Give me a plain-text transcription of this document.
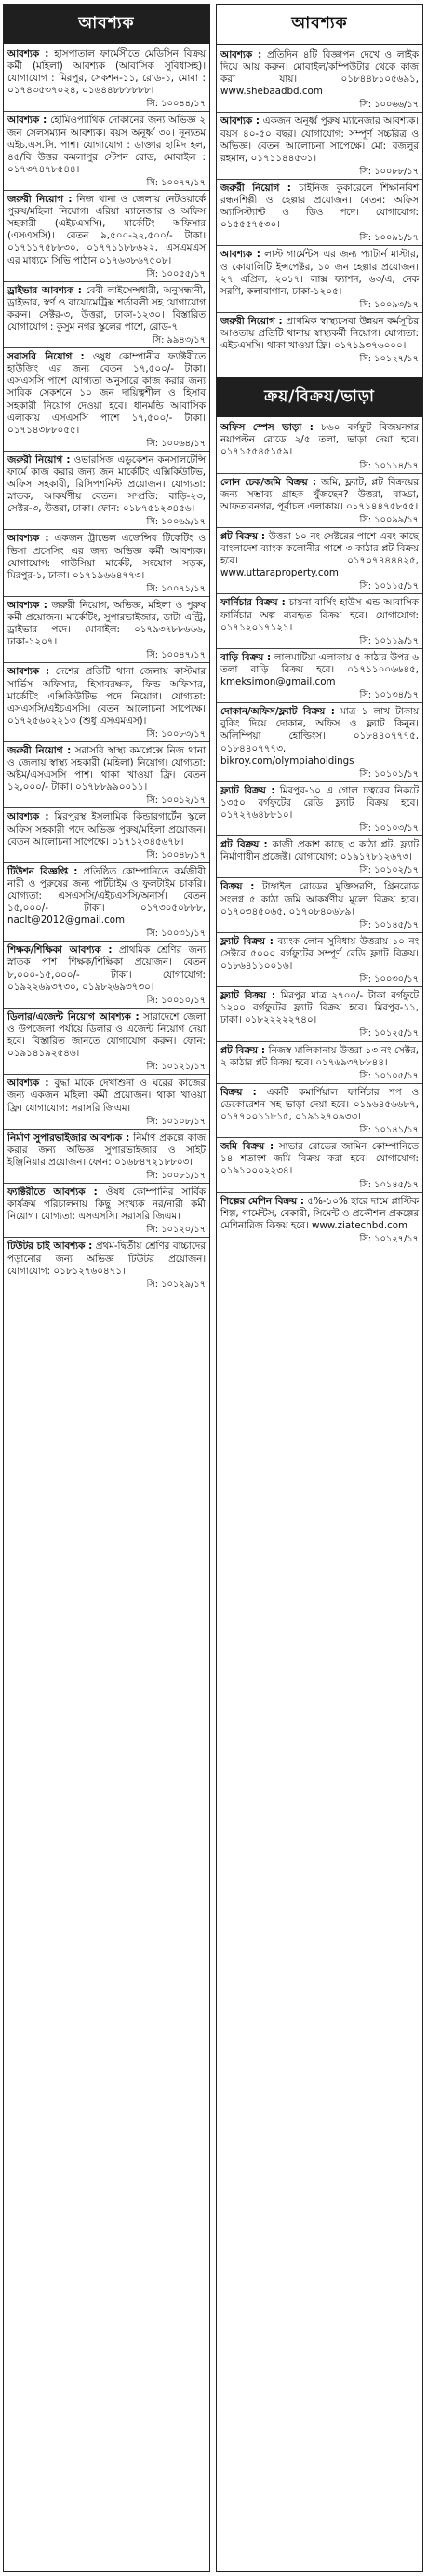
আবশ্যক
আবশ্যক : হাসপাতাল ফার্মেসীতে মেডিসিন বিক্রয় কর্মী (মহিলা) আবশ্যক (আবাসিক সুবিধাসহ)। যোগাযোগ : মিরপুর, সেকশন-১১, রোড-১, মোবা : ০১৭৪৩৫৩৭০২৪, ০১৬৪৪৮৮৮৮৮৮।
সি: ১০০৪৪/১৭
আবশ্যক : হোমিওপ্যাথিক দোকানের জন্য অভিজ্ঞ ২ জন সেলসম্যান আবশ্যক। বয়স অনূর্ধ্ব ৩০। নূন্যতম এইচ.এস.সি. পাশ। যোগাযোগ : ডাক্তার হামিদ হল, ৪৫/বি উত্তর কমলাপুর স্টেশন রোড, মোবাইল : ০১৭৩৭৪৭৮৫৪৪।
সি: ১০০৭৭/১৭
জরুরী নিয়োগ : নিজ থানা ও জেলায় নেটওয়ার্কে পুরুষ/মহিলা নিয়োগ। এরিয়া ম্যানেজার ও অফিস সহকারী (এইচএসসি), মার্কেটিং অফিসার (এসএসসি)। বেতন ৯,৫০০-২২,৫০০/- টাকা। ০১৭১১৭৫৮৮৩০, ০১৭৭১১৮৮৬২২, এসএমএস এর মাধ্যমে সিভি পাঠান ০১৭৬৩৮৬৭৫০৮।
সি: ১০০৫৫/১৭
ড্রাইভার আবশ্যক : বেবী লাইসেন্সধারী, অনুসন্ধানী, ড্রাইভার, স্বর্ণ ও বায়োমেট্রিক্স শর্তাবলী সহ যোগাযোগ করুন। সেক্টর-৩, উত্তরা, ঢাকা-১২৩০। বিস্তারিত যোগাযোগ : কুসুম নগর স্কুলের পাশে, রোড-৭।
সি: ৯৯৪৩/১৭
সরাসরি নিয়োগ : ওষুধ কোম্পানীর ফ্যাক্টরীতে হাউজিং এর জন্য বেতন ১৭,৫০০/- টাকা। এসএসসি পাশে যোগ্যতা অনুসারে কাজ করার জন্য সাবিক সেকশনে ১০ জন দায়িত্বশীল ও হিসাব সহকারী নিয়োগ দেওয়া হবে। ধানমন্ডি আবাসিক এলাকায় এসএসসি পাশে ১৭,৫০০/- টাকা। ০১৭১৪৩৮৮০৫৫।
সি: ১০০৬৪/১৭
জরুরী নিয়োগ : ওভারসিজ এডুকেশন কনসালটেন্সি ফার্মে কাজ করার জন্য জন মার্কেটিং এক্সিকিউটিভ, অফিস সহকারী, রিসিপশনিস্ট প্রয়োজন। যোগ্যতা: স্নাতক, আকর্ষণীয় বেতন। সম্প্রতি: বাড়ি-২৩, সেক্টর-৩, উত্তরা, ঢাকা। ফোন: ০১৮৭৫১২৩৪৫৬।
সি: ১০০৬৯/১৭
আবশ্যক : একজন ট্রাভেল এজেন্সির টিকেটিং ও ভিসা প্রসেসিং এর জন্য অভিজ্ঞ কর্মী আবশ্যক। যোগাযোগ: গাউসিয়া মার্কেট, সংযোগ সড়ক, মিরপুর-১, ঢাকা। ০১৭১৯৬৬৪৭৭৩।
সি: ১০০৭১/১৭
আবশ্যক : জরুরী নিয়োগ, অভিজ্ঞ, মহিলা ও পুরুষ কর্মী প্রয়োজন। মার্কেটিং, সুপারভাইজার, ডাটা এন্ট্রি, ড্রাইভার পদে। মোবাইল: ০১৭৯৩৭৮৮৬৬৬, ঢাকা-১২০৭।
সি: ১০০৪৭/১৭
আবশ্যক : দেশের প্রতিটি থানা জেলায় কাস্টমার সার্ভিস অফিসার, হিসাবরক্ষক, ফিল্ড অফিসার, মার্কেটিং এক্সিকিউটিভ পদে নিয়োগ। যোগ্যতা: এসএসসি/এইচএসসি। বেতন আলোচনা সাপেক্ষে। ০১৭২৫৬০২২১৩ (শুধু এসএমএস)।
সি: ১০০৮৩/১৭
জরুরী নিয়োগ : সরাসরি স্বাস্থ্য কমপ্লেক্সে নিজ থানা ও জেলায় স্বাস্থ্য সহকারী (মহিলা) নিয়োগ। যোগ্যতা: অষ্টম/এসএসসি পাশ। থাকা খাওয়া ফ্রি। বেতন ১২,০০০/- টাকা। ০১৭৮৮৯৯০০১১।
সি: ১০০১২/১৭
আবশ্যক : মিরপুরস্থ ইসলামিক কিন্ডারগার্টেন স্কুলে অফিস সহকারী পদে অভিজ্ঞ পুরুষ/মহিলা প্রয়োজন। বেতন আলোচনা সাপেক্ষে। ০১৭১২৩৪৫৬৭৮।
সি: ১০০৪৮/১৭
টিউশন বিজ্ঞপ্তি : প্রতিষ্ঠিত কোম্পানিতে কর্মজীবী নারী ও পুরুষের জন্য পার্টটাইম ও ফুলটাইম চাকরি। যোগ্যতা: এসএসসি/এইচএসসি/অনার্স। বেতন ১৫,০০০/- টাকা। ০১৭৩০৫০৮৮৮, naclt@2012@gmail.com
সি: ১০০৩১/১৭
শিক্ষক/শিক্ষিকা আবশ্যক : প্রাথমিক শ্রেণির জন্য স্নাতক পাশ শিক্ষক/শিক্ষিকা প্রয়োজন। বেতন ৮,০০০-১৫,০০০/- টাকা। যোগাযোগ: ০১৯২২৬৯৩৭৩০, ০১৯৮২৬৯৩৭৩০।
সি: ১০০১০/১৭
ডিলার/এজেন্ট নিয়োগ আবশ্যক : সারাদেশে জেলা ও উপজেলা পর্যায়ে ডিলার ও এজেন্ট নিয়োগ দেয়া হবে। বিস্তারিত জানতে যোগাযোগ করুন। ফোন: ০১৯১৪১৯২৫৪৬।
সি: ১০১২১/১৭
আবশ্যক : বুদ্ধা মাকে দেখাশুনা ও ঘরের কাজের জন্য একজন মহিলা কর্মী প্রয়োজন। থাকা খাওয়া ফ্রি। যোগাযোগ: সরাসরি জিএম।
সি: ১০১০৮/১৭
নির্মাণ সুপারভাইজার আবশ্যক : নির্মাণ প্রকল্পে কাজ করার জন্য অভিজ্ঞ সুপারভাইজার ও সাইট ইঞ্জিনিয়ার প্রয়োজন। ফোন: ০১৬৮৪৭২১৮৮০৩।
সি: ১০০৮১/১৭
ফ্যাক্টরীতে আবশ্যক : ঔষধ কোম্পানির সার্বিক কার্যক্রম পরিচালনায় কিছু সংখ্যক নর/নারী কর্মী নিয়োগ। যোগ্যতা: এসএসসি। সরাসরি জিএম।
সি: ১০১২০/১৭
টিউটর চাই আবশ্যক : প্রথম-দ্বিতীয় শ্রেণির বাচ্চাদের পড়ানোর জন্য অভিজ্ঞ টিউটর প্রয়োজন। যোগাযোগ: ০১৮১২৭৬০৪৭১।
সি: ১০১২৯/১৭
আবশ্যক
আবশ্যক : প্রতিদিন ৪টি বিজ্ঞাপন দেখে ও লাইক দিয়ে আয় করুন। মোবাইল/কম্পিউটার থেকে কাজ করা যায়। ০১৮৪৪৮১০৫৬৯১, www.shebaadbd.com
সি: ১০০৬৬/১৭
আবশ্যক : একজন অনূর্ধ্ব পুরুষ ম্যানেজার আবশ্যক। বয়স ৪০-৫০ বছর। যোগাযোগ: সম্পূর্ণ সচ্চরিত্র ও অভিজ্ঞ। বেতন আলোচনা সাপেক্ষে। মো: বজলুর রহমান, ০১৭১১৪৪৫৩১।
সি: ১০০৮৮/১৭
জরুরী নিয়োগ : চাইনিজ কুকারেলে শিক্ষানবিশ রন্ধনশিল্পী ও হেল্পার প্রয়োজন। বেতন: অফিস অ্যাসিস্ট্যান্ট ও ডিও পদে। যোগাযোগ: ০১৫৫৫৭৫৩০।
সি: ১০০৯১/১৭
আবশ্যক : লাস্ট গার্মেন্টস এর জন্য প্যাটার্ন মাস্টার, ও কোয়ালিটি ইন্সপেক্টর, ১০ জন হেল্পার প্রয়োজন। ২৭ এপ্রিল, ২০১৭। লাক্স ফ্যাশন, ৬৩/এ, নেক সরণি, কলাবাগান, ঢাকা-১২০৫।
সি: ১০০৯৩/১৭
জরুরী নিয়োগ : প্রাথমিক স্বাস্থ্যসেবা উন্নয়ন কর্মসূচির আওতায় প্রতিটি থানায় স্বাস্থ্যকর্মী নিয়োগ। যোগ্যতা: এইচএসসি। থাকা খাওয়া ফ্রি। ০১৭১৯৩৭৬০০০।
সি: ১০১২৭/১৭
ক্রয়/বিক্রয়/ভাড়া
অফিস স্পেস ভাড়া : ৮৬০ বর্গফুট বিজয়নগর নয়াপল্টন রোডে ২/৫ তলা, ভাড়া দেয়া হবে। ০১৭১৫৫৪৫১৫৯।
সি: ১০১১৪/১৭
লোন চেক/জমি বিক্রয় : জমি, ফ্ল্যাট, প্লট বিক্রয়ের জন্য সম্ভাব্য গ্রাহক খুঁজছেন? উত্তরা, বাড্ডা, আফতাবনগর, পূর্বাচল এলাকায়। ০১৭১৪৪৭৫৮৫৫।
সি: ১০০৯৯/১৭
প্লট বিক্রয় : উত্তরা ১০ নং সেক্টরের পাশে এবং কাছে বাংলাদেশ ব্যাংক কলোনীর পাশে ৩ কাঠার প্লট বিক্রয় হবে। ০১৭০৭৪৪৪৪২৫, www.uttaraproperty.com
সি: ১০১১৫/১৭
ফার্নিচার বিক্রয় : চায়না বার্সিং হাউস এন্ড আবাসিক ফার্নিচার অল্প ব্যবহৃত বিক্রয় হবে। যোগাযোগ: ০১৭১২০১৭১২১।
সি: ১০১১৯/১৭
বাড়ি বিক্রয় : লালমাটিয়া এলাকায় ৫ কাঠার উপর ৬ তলা বাড়ি বিক্রয় হবে। ০১৭১১০০৬৬৪৫, kmeksimon@gmail.com
সি: ১০১৩৪/১৭
দোকান/অফিস/ফ্ল্যাট বিক্রয় : মাত্র ১ লাখ টাকায় বুকিং দিয়ে দোকান, অফিস ও ফ্ল্যাট কিনুন। অলিম্পিয়া হোল্ডিংস। ০১৮৪৪০৭৭৭৫, ০১৮৪৪০৭৭৭৩, bikroy.com/olympiaholdings
সি: ১০১০১/১৭
ফ্ল্যাট বিক্রয় : মিরপুর-১০ এ গোল চত্বরের নিকটে ১৩৫০ বর্গফুটের রেডি ফ্ল্যাট বিক্রয় হবে। ০১৭২৭৬৪৮৮১০।
সি: ১০১০৩/১৭
প্লট বিক্রয় : কাজী প্রকাশ কাছে ৩ কাঠা প্লট, ফ্ল্যাট নির্মাণাধীন প্রজেক্ট। যোগাযোগ: ০১৯১৭৮১২৬৭৩।
সি: ১০১০২/১৭
বিক্রয় : টাঙ্গাইল রোডের মুক্তিসরণি, গ্রিনরোড সংলগ্ন ৫ কাঠা জমি আকর্ষণীয় মূল্যে বিক্রয় হবে। ০১৭০৩৪৫০৬৫, ০১৭০৮৪০৬৮৯।
সি: ১০১৪৫/১৭
ফ্ল্যাট বিক্রয় : ব্যাংক লোন সুবিধায় উত্তরায় ১০ নং সেক্টরে ৫০০০ বর্গফুটের সম্পূর্ণ রেডি ফ্ল্যাট বিক্রয়। ০১৮৬৪১১০০১৬।
সি: ১০০৩০/১৭
ফ্ল্যাট বিক্রয় : মিরপুর মাত্র ২৭০০/- টাকা বর্গফুটে ১২০০ বর্গফুটের ফ্ল্যাট বিক্রয় হবে। মিরপুর-১১, ঢাকা। ০১৮২২২২২৭৪০।
সি: ১০১২৫/১৭
প্লট বিক্রয় : নিজস্ব মালিকানায় উত্তরা ১৩ নং সেক্টর, ২ কাঠার প্লট বিক্রয় হবে। ০১৭৬৯৩৭৮৮৪৪।
সি: ১০১০৫/১৭
বিক্রয় : একটি কমার্শিয়াল ফার্নিচার শপ ও ডেকোরেশন সহ ভাড়া দেয়া হবে। ০১৯৬৪৫৬৬৮৭, ০১৭৭০০১১৮১৫, ০১৯১২৭০৯৩৩।
সি: ১০১৪১/১৭
জমি বিক্রয় : সাভার রোডের জামিন কোম্পানিতে ১৪ শতাংশ জমি বিক্রয় করা হবে। যোগাযোগ: ০১৯১০০০২২৩৪।
সি: ১০১৪৫/১৭
শিল্পের মেশিন বিক্রয় : ৫%-১০% হারে দামে প্লাস্টিক শিল্প, গার্মেন্টস, বেকারী, সিমেন্ট ও প্রকৌশল প্রকল্পের মেশিনারিজ বিক্রয় হবে। www.ziatechbd.com
সি: ১০১২৭/১৭
